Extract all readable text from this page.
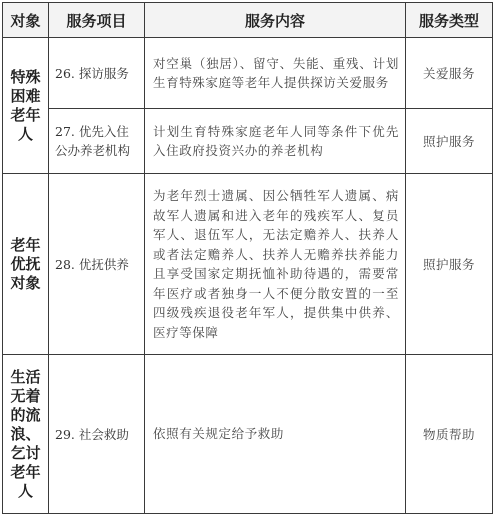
对象	服务项目	服务内容	服务类型
特殊困难老年人	26. 探访服务	对空巢（独居）、留守、失能、重残、计划生育特殊家庭等老年人提供探访关爱服务	关爱服务
	27. 优先入住公办养老机构	计划生育特殊家庭老年人同等条件下优先入住政府投资兴办的养老机构	照护服务
老年优抚对象	28. 优抚供养	为老年烈士遗属、因公牺牲军人遗属、病故军人遗属和进入老年的残疾军人、复员军人、退伍军人，无法定赡养人、扶养人或者法定赡养人、扶养人无赡养扶养能力且享受国家定期抚恤补助待遇的，需要常年医疗或者独身一人不便分散安置的一至四级残疾退役老年军人，提供集中供养、医疗等保障	照护服务
生活无着的流浪、乞讨老年人	29. 社会救助	依照有关规定给予救助	物质帮助
